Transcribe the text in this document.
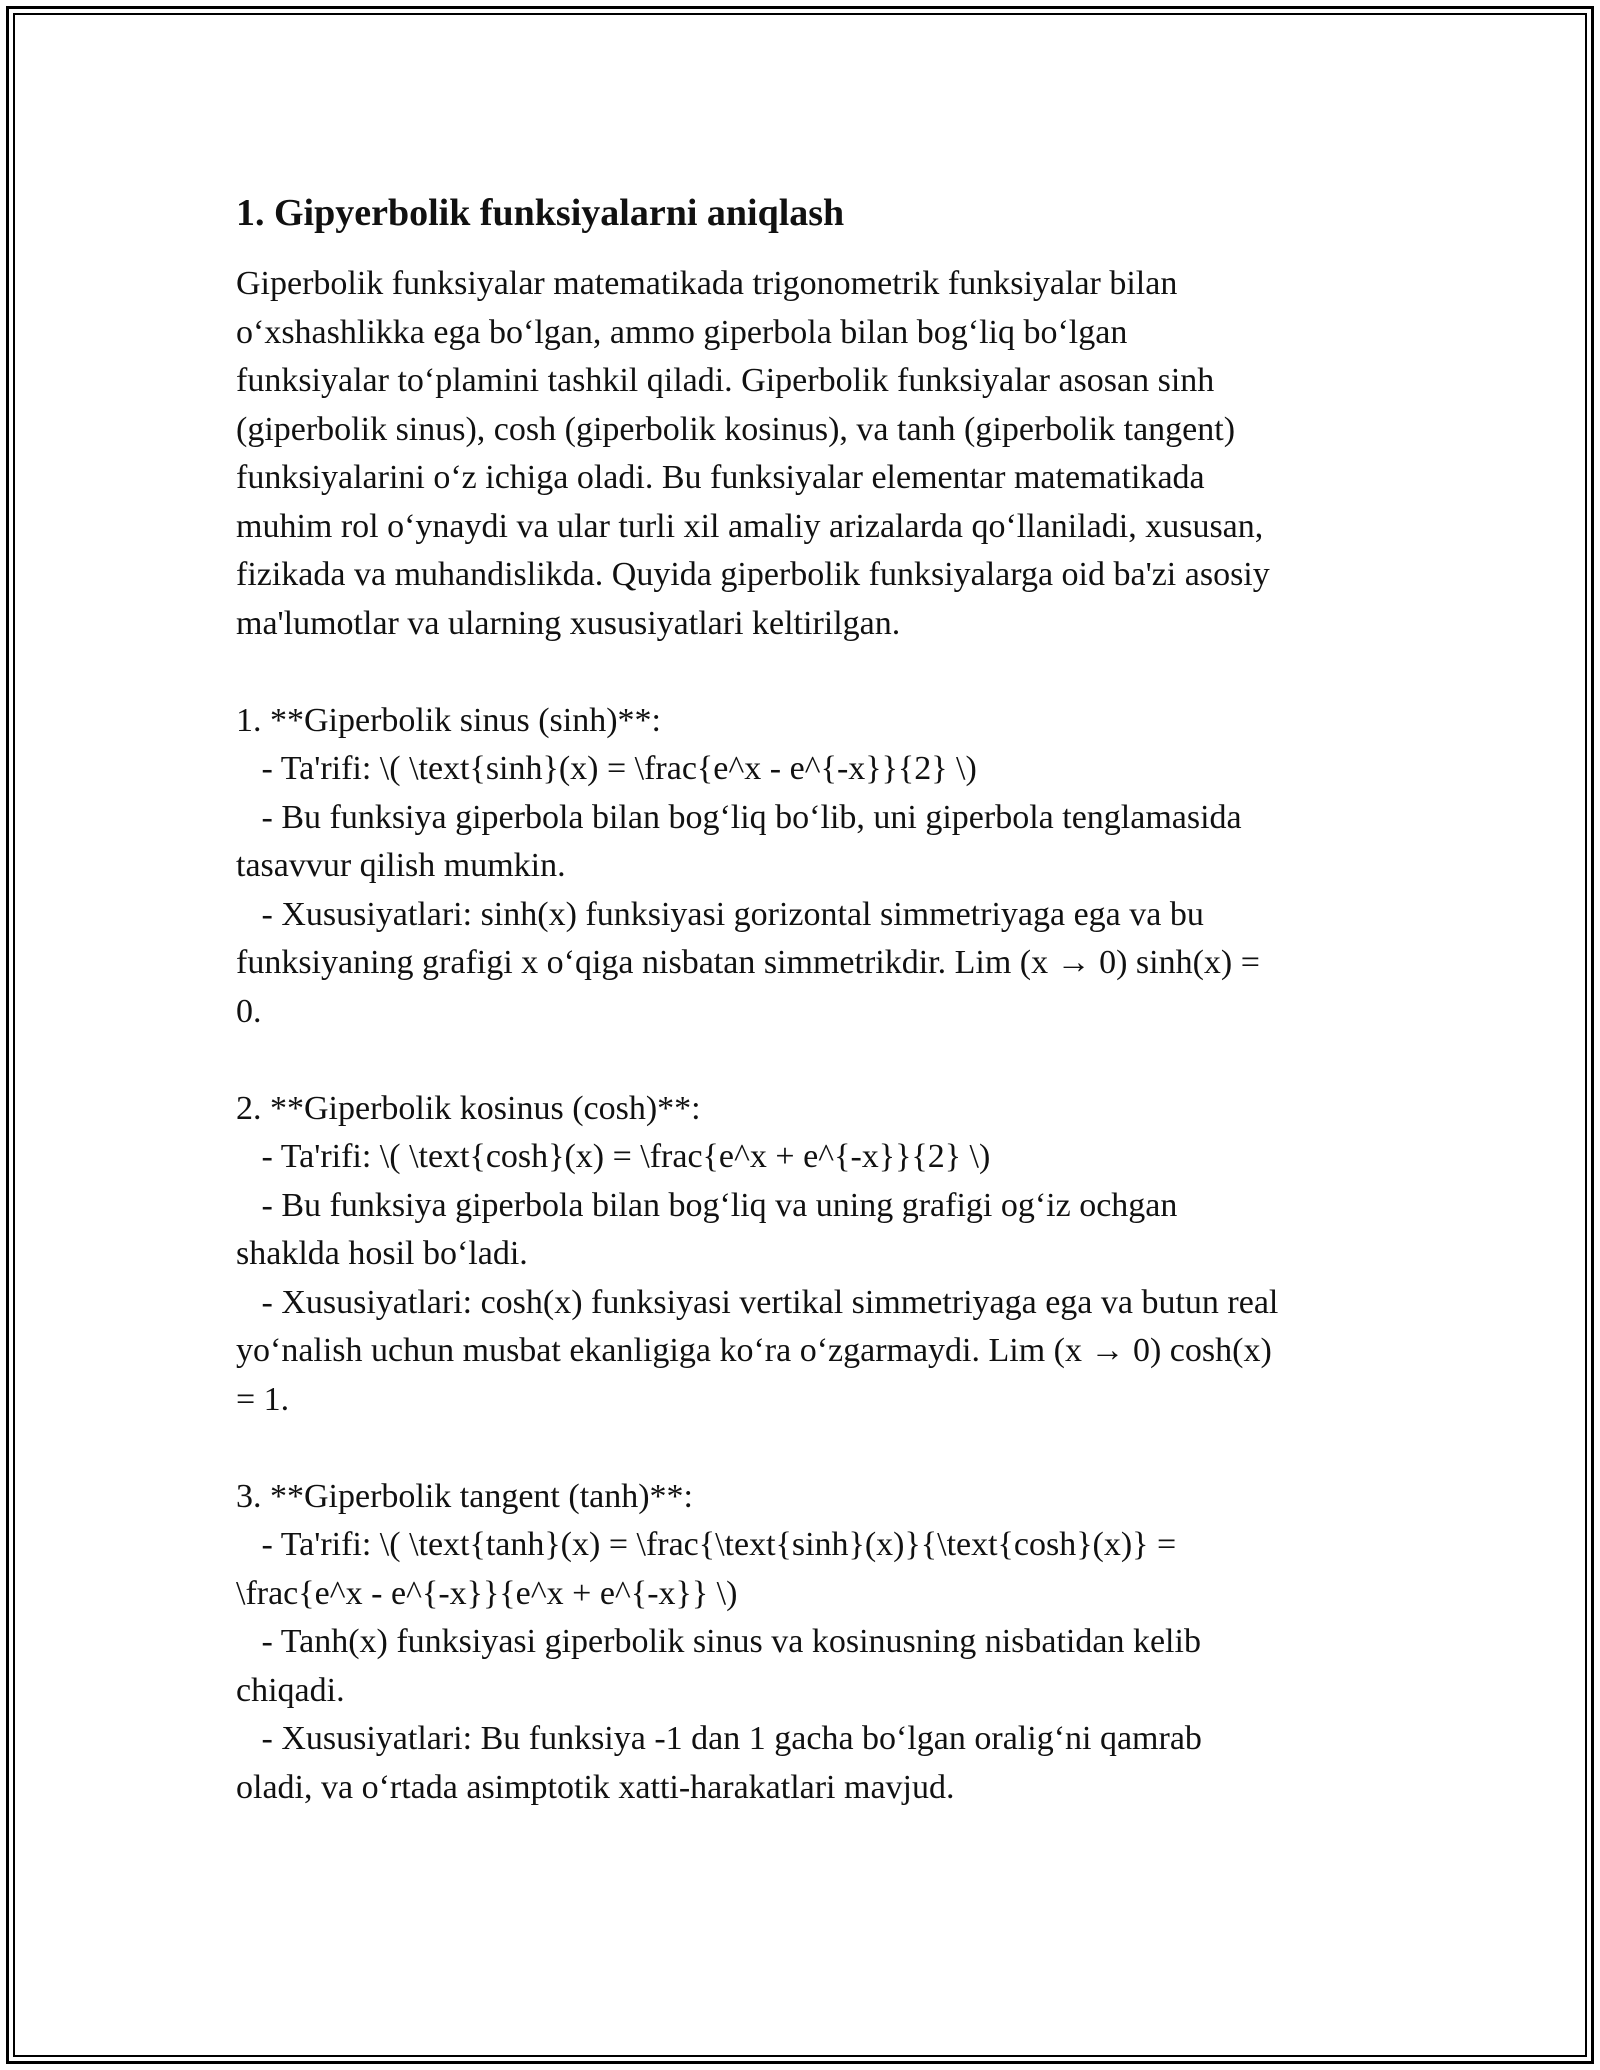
1. Gipyerbolik funksiyalarni aniqlash

Giperbolik funksiyalar matematikada trigonometrik funksiyalar bilan
o‘xshashlikka ega bo‘lgan, ammo giperbola bilan bog‘liq bo‘lgan
funksiyalar to‘plamini tashkil qiladi. Giperbolik funksiyalar asosan sinh
(giperbolik sinus), cosh (giperbolik kosinus), va tanh (giperbolik tangent)
funksiyalarini o‘z ichiga oladi. Bu funksiyalar elementar matematikada
muhim rol o‘ynaydi va ular turli xil amaliy arizalarda qo‘llaniladi, xususan,
fizikada va muhandislikda. Quyida giperbolik funksiyalarga oid ba'zi asosiy
ma'lumotlar va ularning xususiyatlari keltirilgan.

1. **Giperbolik sinus (sinh)**:
- Ta'rifi: \( \text{sinh}(x) = \frac{e^x - e^{-x}}{2} \)
- Bu funksiya giperbola bilan bog‘liq bo‘lib, uni giperbola tenglamasida
tasavvur qilish mumkin.
- Xususiyatlari: sinh(x) funksiyasi gorizontal simmetriyaga ega va bu
funksiyaning grafigi x o‘qiga nisbatan simmetrikdir. Lim (x → 0) sinh(x) =
0.

2. **Giperbolik kosinus (cosh)**:
- Ta'rifi: \( \text{cosh}(x) = \frac{e^x + e^{-x}}{2} \)
- Bu funksiya giperbola bilan bog‘liq va uning grafigi og‘iz ochgan
shaklda hosil bo‘ladi.
- Xususiyatlari: cosh(x) funksiyasi vertikal simmetriyaga ega va butun real
yo‘nalish uchun musbat ekanligiga ko‘ra o‘zgarmaydi. Lim (x → 0) cosh(x)
= 1.

3. **Giperbolik tangent (tanh)**:
- Ta'rifi: \( \text{tanh}(x) = \frac{\text{sinh}(x)}{\text{cosh}(x)} =
\frac{e^x - e^{-x}}{e^x + e^{-x}} \)
- Tanh(x) funksiyasi giperbolik sinus va kosinusning nisbatidan kelib
chiqadi.
- Xususiyatlari: Bu funksiya -1 dan 1 gacha bo‘lgan oralig‘ni qamrab
oladi, va o‘rtada asimptotik xatti-harakatlari mavjud.
